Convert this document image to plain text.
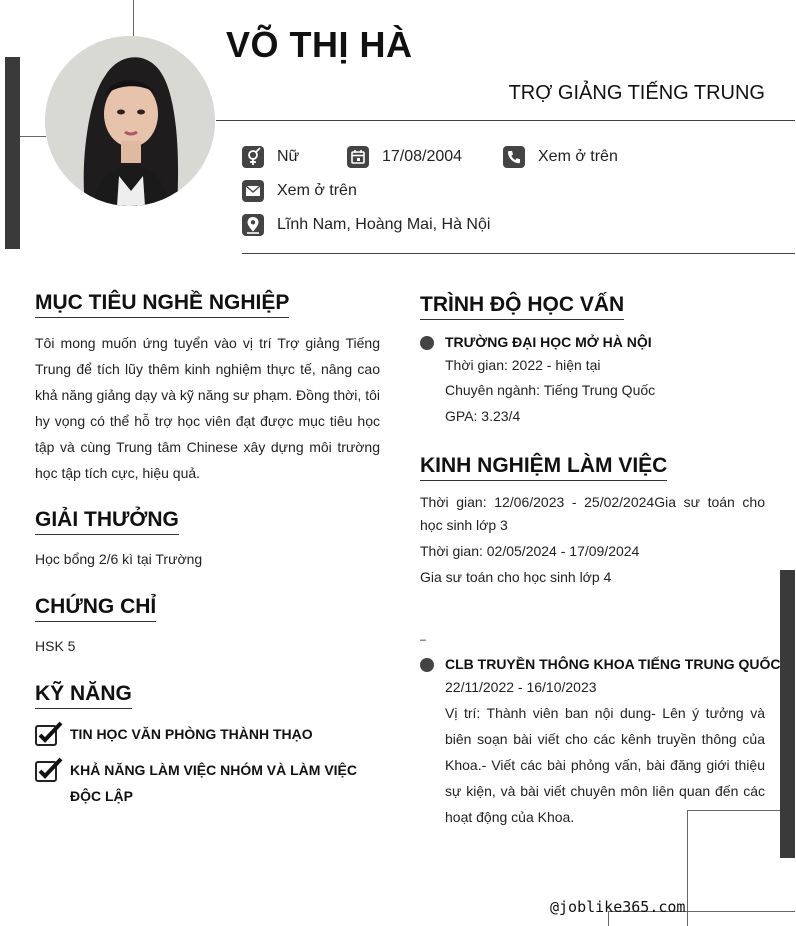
VÕ THỊ HÀ
TRỢ GIẢNG TIẾNG TRUNG
Nữ	17/08/2004	Xem ở trên
Xem ở trên
Lĩnh Nam, Hoàng Mai, Hà Nội
MỤC TIÊU NGHỀ NGHIỆP
Tôi mong muốn ứng tuyển vào vị trí Trợ giảng Tiếng Trung để tích lũy thêm kinh nghiệm thực tế, nâng cao khả năng giảng dạy và kỹ năng sư phạm. Đồng thời, tôi hy vọng có thể hỗ trợ học viên đạt được mục tiêu học tập và cùng Trung tâm Chinese xây dựng môi trường học tập tích cực, hiệu quả.
GIẢI THƯỞNG
Học bổng 2/6 kì tại Trường
CHỨNG CHỈ
HSK 5
KỸ NĂNG
TIN HỌC VĂN PHÒNG THÀNH THẠO
KHẢ NĂNG LÀM VIỆC NHÓM VÀ LÀM VIỆC ĐỘC LẬP
TRÌNH ĐỘ HỌC VẤN
TRƯỜNG ĐẠI HỌC MỞ HÀ NỘI
Thời gian: 2022 - hiện tại
Chuyên ngành: Tiếng Trung Quốc
GPA: 3.23/4
KINH NGHIỆM LÀM VIỆC
Thời gian: 12/06/2023 - 25/02/2024Gia sư toán cho học sinh lớp 3
Thời gian: 02/05/2024 - 17/09/2024
Gia sư toán cho học sinh lớp 4
–
CLB TRUYỀN THÔNG KHOA TIẾNG TRUNG QUỐC
22/11/2022 - 16/10/2023
Vị trí: Thành viên ban nội dung- Lên ý tưởng và biên soạn bài viết cho các kênh truyền thông của Khoa.- Viết các bài phỏng vấn, bài đăng giới thiệu sự kiện, và bài viết chuyên môn liên quan đến các hoạt động của Khoa.
@joblike365.com
